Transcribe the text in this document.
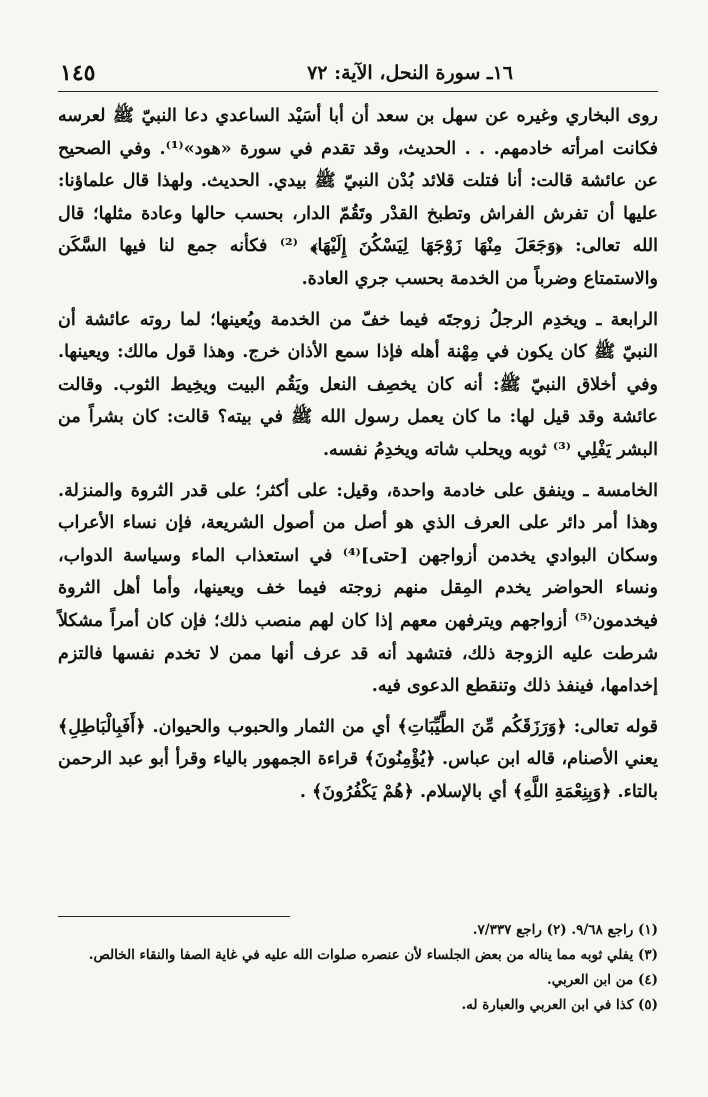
١٤٥	١٦ـ سورة النحل، الآية: ٧٢

روى البخاري وغيره عن سهل بن سعد أن أبا أسَيْد الساعدي دعا النبيّ ﷺ لعرسه فكانت امرأته خادمهم. . . الحديث، وقد تقدم في سورة «هود»⁽¹⁾. وفي الصحيح عن عائشة قالت: أنا فتلت قلائد بُدْن النبيّ ﷺ بيدي. الحديث. ولهذا قال علماؤنا: عليها أن تفرش الفراش وتطبخ القدْر وتَقُمّ الدار، بحسب حالها وعادة مثلها؛ قال الله تعالى: ﴿وَجَعَلَ مِنْهَا زَوْجَهَا لِيَسْكُنَ إِلَيْهَا﴾ ⁽²⁾ فكأنه جمع لنا فيها السَّكَن والاستمتاع وضرباً من الخدمة بحسب جري العادة.

الرابعة ـ ويخدِم الرجلُ زوجتَه فيما خفّ من الخدمة ويُعينها؛ لما روته عائشة أن النبيّ ﷺ كان يكون في مِهْنة أهله فإذا سمع الأذان خرج. وهذا قول مالك: ويعينها. وفي أخلاق النبيّ ﷺ: أنه كان يخصِف النعل ويَقُم البيت ويخِيط الثوب. وقالت عائشة وقد قيل لها: ما كان يعمل رسول الله ﷺ في بيته؟ قالت: كان بشراً من البشر يَفْلِي ⁽³⁾ ثوبه ويحلب شاته ويخدِمُ نفسه.

الخامسة ـ وينفق على خادمة واحدة، وقيل: على أكثر؛ على قدر الثروة والمنزلة. وهذا أمر دائر على العرف الذي هو أصل من أصول الشريعة، فإن نساء الأعراب وسكان البوادي يخدمن أزواجهن [حتى]⁽⁴⁾ في استعذاب الماء وسياسة الدواب، ونساء الحواضر يخدم المِقل منهم زوجته فيما خف ويعينها، وأما أهل الثروة فيخدمون⁽⁵⁾ أزواجهم ويترفهن معهم إذا كان لهم منصب ذلك؛ فإن كان أمراً مشكلاً شرطت عليه الزوجة ذلك، فتشهد أنه قد عرف أنها ممن لا تخدم نفسها فالتزم إخدامها، فينفذ ذلك وتنقطع الدعوى فيه.

قوله تعالى: ﴿وَرَزَقَكُم مِّنَ الطَّيِّبَاتِ﴾ أي من الثمار والحبوب والحيوان. ﴿أَفَبِالْبَاطِلِ﴾ يعني الأصنام، قاله ابن عباس. ﴿يُؤْمِنُونَ﴾ قراءة الجمهور بالياء وقرأ أبو عبد الرحمن بالتاء. ﴿وَبِنِعْمَةِ اللَّهِ﴾ أي بالإسلام. ﴿هُمْ يَكْفُرُونَ﴾ .

(١) راجع ٩/٦٨. (٢) راجع ٧/٣٣٧.

(٣) يفلي ثوبه مما يناله من بعض الجلساء لأن عنصره صلوات الله عليه في غاية الصفا والنقاء الخالص.

(٤) من ابن العربي.

(٥) كذا في ابن العربي والعبارة له.
